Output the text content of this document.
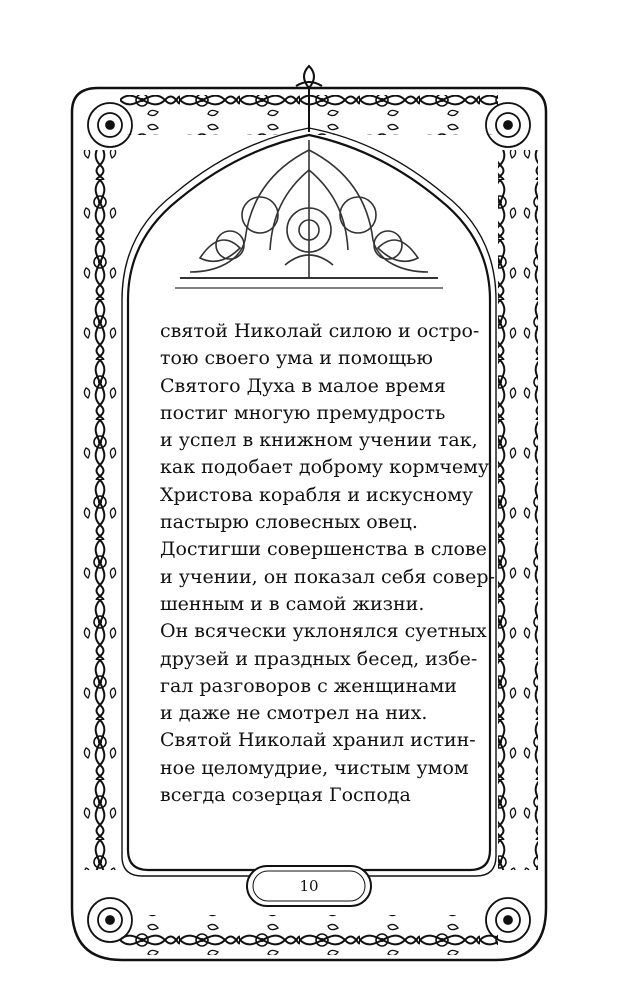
святой Николай силою и остро-
тою своего ума и помощью
Святого Духа в малое время
постиг многую премудрость
и успел в книжном учении так,
как подобает доброму кормчему
Христова корабля и искусному
пастырю словесных овец.
Достигши совершенства в слове
и учении, он показал себя совер-
шенным и в самой жизни.
Он всячески уклонялся суетных
друзей и праздных бесед, избе-
гал разговоров с женщинами
и даже не смотрел на них.
Святой Николай хранил истин-
ное целомудрие, чистым умом
всегда созерцая Господа
10
